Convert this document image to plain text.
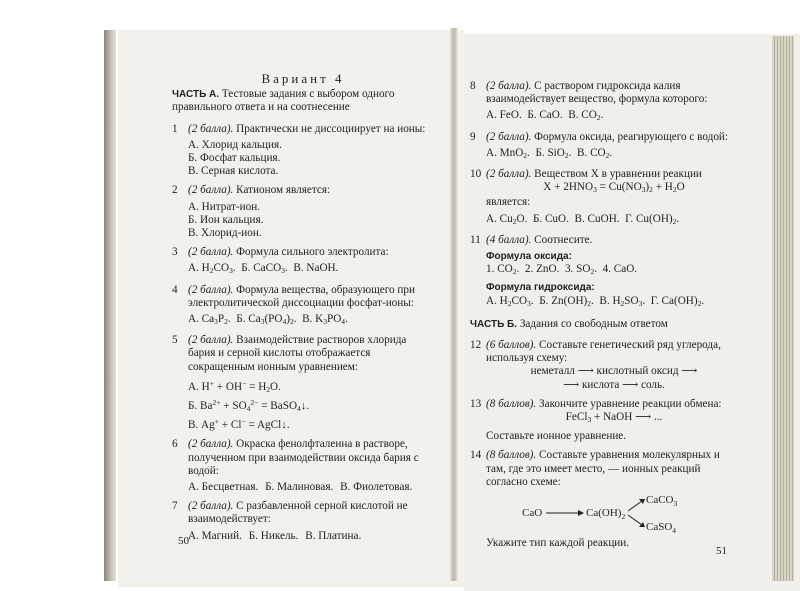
Вариант 4
ЧАСТЬ А. Тестовые задания с выбором одного правильного ответа и на соотнесение
1 (2 балла). Практически не диссоциирует на ионы:
А. Хлорид кальция.
Б. Фосфат кальция.
В. Серная кислота.
2 (2 балла). Катионом является:
А. Нитрат-ион.
Б. Ион кальция.
В. Хлорид-ион.
3 (2 балла). Формула сильного электролита:
А. $H_2CO_3$.  Б. CaCO$_3$.  В. NaOH.
4 (2 балла). Формула вещества, образующего при электролитической диссоциации фосфат-ионы:
А. $Ca_3P_2$.  Б. $Ca_3(PO_4)_2$.  В. $K_3PO_4$.
5 (2 балла). Взаимодействие растворов хлорида бария и серной кислоты отображается сокращенным ионным уравнением:
А. $H^+ + OH^- = H_2O$.
Б. $Ba^{2+} + SO_4^{2-}$ = BaSO$_4$↓.
В. Ag+ + Cl− = AgCl↓.
6 (2 балла). Окраска фенолфталеина в растворе, полученном при взаимодействии оксида бария с водой:
А. Бесцветная. Б. Малиновая. В. Фиолетовая.
7 (2 балла). С разбавленной серной кислотой не взаимодействует:
А. Магний. Б. Никель. В. Платина.
50
8 (2 балла). С раствором гидроксида калия взаимодействует вещество, формула которого:
А. FeO.  Б. CaO.  В. $CO_2$.
9 (2 балла). Формула оксида, реагирующего с водой:
А. MnO$_2$.  Б. SiO$_2$.  В. $CO_2$.
10 (2 балла). Веществом X в уравнении реакции
$X + 2HNO_3 = Cu(NO_3)_2 + H_2O$
является:
А. $Cu_2O$.  Б. CuO.  В. CuOH.  Г. $Cu(OH)_2$.
11 (4 балла). Соотнесите.
Формула оксида:
1. $CO_2$.  2. ZnO.  3. $SO_2$.  4. CaO.
Формула гидроксида:
А. $H_2CO_3$.  Б. $Zn(OH)_2$.  В. $H_2SO_3$.  Г. $Ca(OH)_2$.
ЧАСТЬ Б. Задания со свободным ответом
12 (6 баллов). Составьте генетический ряд углерода, используя схему:
неметалл ⟶ кислотный оксид ⟶
⟶ кислота ⟶ соль.
13 (8 баллов). Закончите уравнение реакции обмена:
FeCl$_3$ + NaOH ⟶ ...
Составьте ионное уравнение.
14 (8 баллов). Составьте уравнения молекулярных и там, где это имеет место, — ионных реакций согласно схеме:
CaO	$Ca(OH)_2$
CaCO$_3$
CaSO$_4$
Укажите тип каждой реакции.
51
